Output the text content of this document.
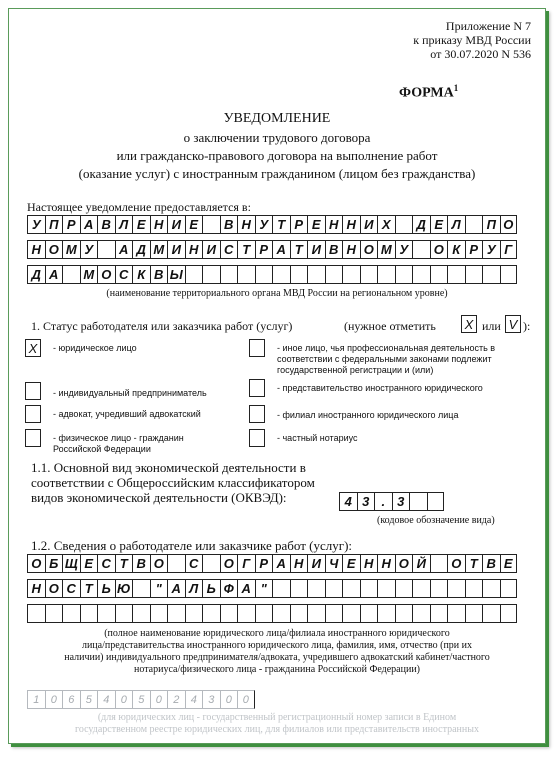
Приложение N 7
к приказу МВД России
от 30.07.2020 N 536
ФОРМА$^1$
УВЕДОМЛЕНИЕ
о заключении трудового договора
или гражданско-правового договора на выполнение работ
(оказание услуг) с иностранным гражданином (лицом без гражданства)
Настоящее уведомление предоставляется в:
У П Р А В Л Е Н И Е	В Н У Т Р Е Н Н И Х	Д Е Л	П О
Н О М У	А Д М И Н И С Т Р А Т И В Н О М У	О К Р У Г
Д А М О С К В Ы
(наименование территориального органа МВД России на региональном уровне)
1. Статус работодателя или заказчика работ (услуг)	(нужное отметить X или V ):
X	- юридическое лицо	- иное лицо, чья профессиональная деятельность в соответствии с федеральными законами подлежит государственной регистрации и (или)
- индивидуальный предприниматель	- представительство иностранного юридического
- адвокат, учредивший адвокатский	- филиал иностранного юридического лица
- физическое лицо - гражданин Российской Федерации
- частный нотариус
1.1. Основной вид экономической деятельности в
соответствии с Общероссийским классификатором
видов экономической деятельности (ОКВЭД):	4 3 . 3
(кодовое обозначение вида)
1.2. Сведения о работодателе или заказчике работ (услуг):
О Б Щ Е С Т В О	С	О Г Р А Н И Ч Е Н Н О Й	О Т В Е
Н О С Т Ь Ю	" А Л Ь Ф А "
(полное наименование юридического лица/филиала иностранного юридического
лица/представительства иностранного юридического лица, фамилия, имя, отчество (при их
наличии) индивидуального предпринимателя/адвоката, учредившего адвокатский кабинет/частного
нотариуса/физического лица - гражданина Российской Федерации)
1	0	6	5	4	0	5	0	2	4	3	0 0
(для юридических лиц - государственный регистрационный номер записи в Едином
государственном реестре юридических лиц, для филиалов или представительств иностранных
